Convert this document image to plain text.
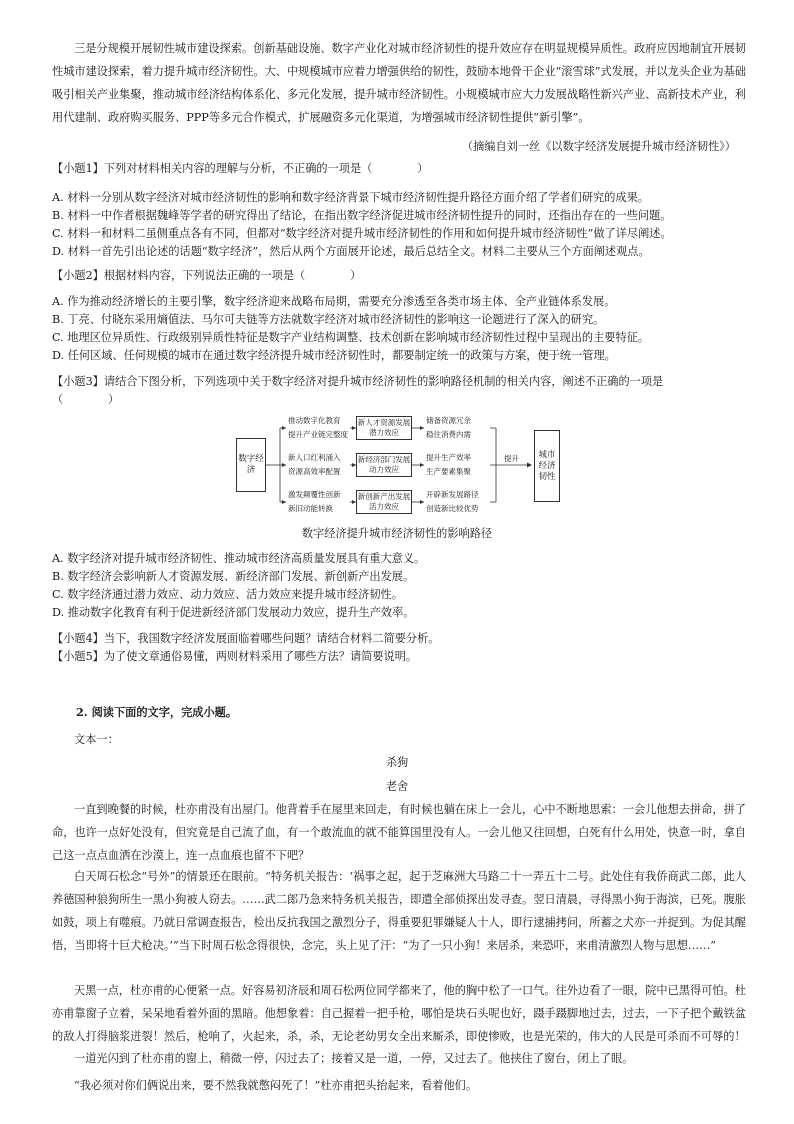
三是分规模开展韧性城市建设探索。创新基础设施、数字产业化对城市经济韧性的提升效应存在明显规模异质性。政府应因地制宜开展韧性城市建设探索，着力提升城市经济韧性。大、中规模城市应着力增强供给的韧性，鼓励本地骨干企业“滚雪球”式发展，并以龙头企业为基础吸引相关产业集聚，推动城市经济结构体系化、多元化发展，提升城市经济韧性。小规模城市应大力发展战略性新兴产业、高新技术产业，利用代建制、政府购买服务、PPP等多元合作模式，扩展融资多元化渠道，为增强城市经济韧性提供“新引擎”。
（摘编自刘一丝《以数字经济发展提升城市经济韧性》）
【小题1】下列对材料相关内容的理解与分析，不正确的一项是（　　　　）
A. 材料一分别从数字经济对城市经济韧性的影响和数字经济背景下城市经济韧性提升路径方面介绍了学者们研究的成果。
B. 材料一中作者根据魏峰等学者的研究得出了结论，在指出数字经济促进城市经济韧性提升的同时，还指出存在的一些问题。
C. 材料一和材料二虽侧重点各有不同，但都对“数字经济对提升城市经济韧性的作用和如何提升城市经济韧性”做了详尽阐述。
D. 材料一首先引出论述的话题“数字经济”，然后从两个方面展开论述，最后总结全文。材料二主要从三个方面阐述观点。
【小题2】根据材料内容，下列说法正确的一项是（　　　　）
A. 作为推动经济增长的主要引擎，数字经济迎来战略布局期，需要充分渗透至各类市场主体、全产业链体系发展。
B. 丁亮、付晓东采用熵值法、马尔可夫链等方法就数字经济对城市经济韧性的影响这一论题进行了深入的研究。
C. 地理区位异质性、行政级别异质性特征是数字产业结构调整、技术创新在影响城市经济韧性过程中呈现出的主要特征。
D. 任何区域、任何规模的城市在通过数字经济提升城市经济韧性时，都要制定统一的政策与方案，便于统一管理。
【小题3】请结合下图分析，下列选项中关于数字经济对提升城市经济韧性的影响路径机制的相关内容，阐述不正确的一项是
（　　　　）
数字经济
推动数字化教育
提升产业链完整度
新人口红利涌入
资源高效率配置
激发颠覆性创新
新旧动能转换
新人才资源发展
潜力效应
新经济部门发展
动力效应
新创新产出发展
活力效应
储备资源冗余
稳住消费内需
提升生产效率
生产要素集聚
开辟新发展路径
创造新比较优势
提升	城市经济韧性
数字经济提升城市经济韧性的影响路径
A. 数字经济对提升城市经济韧性、推动城市经济高质量发展具有重大意义。
B. 数字经济会影响新人才资源发展、新经济部门发展、新创新产出发展。
C. 数字经济通过潜力效应、动力效应、活力效应来提升城市经济韧性。
D. 推动数字化教育有利于促进新经济部门发展动力效应，提升生产效率。
【小题4】当下，我国数字经济发展面临着哪些问题？请结合材料二简要分析。
【小题5】为了使文章通俗易懂，两则材料采用了哪些方法？请简要说明。
2. 阅读下面的文字，完成小题。
文本一：
杀狗
老舍
一直到晚餐的时候，杜亦甫没有出屋门。他背着手在屋里来回走，有时候也躺在床上一会儿，心中不断地思索：一会儿他想去拼命，拼了命，也许一点好处没有，但究竟是自己流了血，有一个敢流血的就不能算国里没有人。一会儿他又往回想，白死有什么用处，快意一时，拿自己这一点点血洒在沙漠上，连一点血痕也留不下吧？
白天周石松念“号外”的情景还在眼前。“特务机关报告：‘祸事之起，起于芝麻洲大马路二十一弄五十二号。此处住有我侨商武二郎，此人养德国种狼狗所生一黑小狗被人窃去。……武二郎乃急来特务机关报告，即遣全部侦探出发寻查。翌日清晨，寻得黑小狗于海滨，已死。腹胀如鼓，项上有噬痕。乃就日常调查报告，检出反抗我国之激烈分子，得重要犯罪嫌疑人十人，即行逮捕拷问，所蓄之犬亦一并捉到。为促其醒悟，当即将十巨犬枪决。’”当下时周石松念得很快，念完，头上见了汗：“为了一只小狗！来居杀，来恐吓，来甫清激烈人物与思想……”
天黑一点，杜亦甫的心便紧一点。好容易初济辰和周石松两位同学都来了，他的胸中松了一口气。往外边看了一眼，院中已黑得可怕。杜亦甫靠窗子立着，呆呆地看着外面的黑暗。他想象着：自己握着一把手枪，哪怕是块石头呢也好，蹑手蹑脚地过去，过去，一下子把个戴铁盆的敌人打得脑浆迸裂！然后，枪响了，火起来，杀，杀，无论老幼男女全出来厮杀，即使惨败，也是光荣的，伟大的人民是可杀而不可辱的！
一道光闪到了杜亦甫的窗上，稍微一停，闪过去了；接着又是一道，一停，又过去了。他挟住了窗台，闭上了眼。
“我必须对你们俩说出来，要不然我就憋闷死了！”杜亦甫把头抬起来，看着他们。
